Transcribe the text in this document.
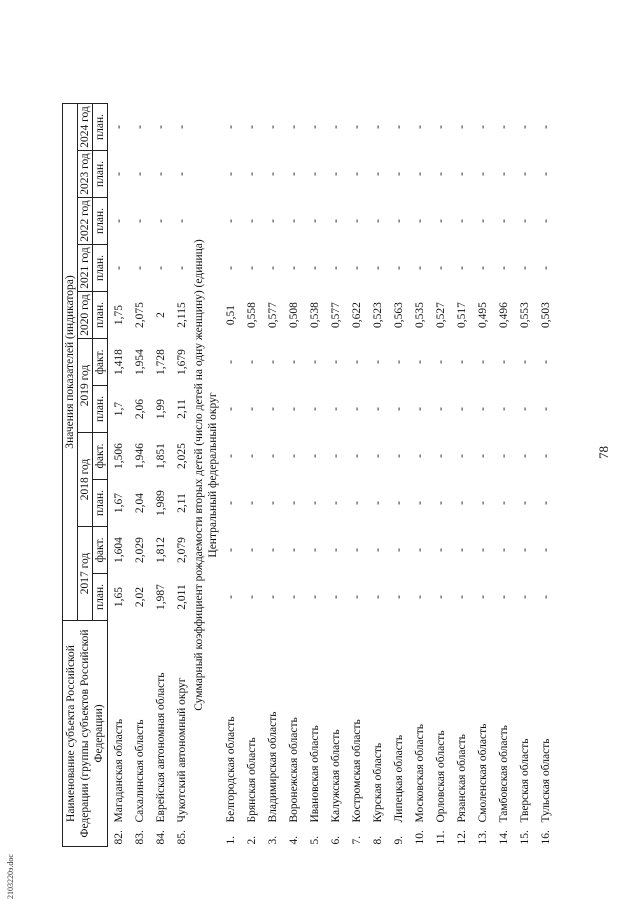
2103220э.doc
78
Наименование субъекта Российской Федерации (группы субъектов Российской Федерации)		Значения показателей (индикатора)										
		2017 год		2018 год		2019 год		2020 год	2021 год	2022 год	2023 год	2024 год
		план.	факт.	план.	факт.	план.	факт.	план.	план.	план.	план.	план.
82.	Магаданская область	1,65	1,604	1,67	1,506	1,7	1,418	1,75	-	-	-	-
83.	Сахалинская область	2,02	2,029	2,04	1,946	2,06	1,954	2,075	-	-	-	-
84.	Еврейская автономная область	1,987	1,812	1,989	1,851	1,99	1,728	2	-	-	-	-
85.	Чукотский автономный округ	2,011	2,079	2,11	2,025	2,11	1,679	2,115	-	-	-	-
Суммарный коэффициент рождаемости вторых детей (число детей на одну женщину) (единица)												
Центральный федеральный округ												
1.	Белгородская область	-	-	-	-	-	-	0,51	-	-	-	-
2.	Брянская область	-	-	-	-	-	-	0,558	-	-	-	-
3.	Владимирская область	-	-	-	-	-	-	0,577	-	-	-	-
4.	Воронежская область	-	-	-	-	-	-	0,508	-	-	-	-
5.	Ивановская область	-	-	-	-	-	-	0,538	-	-	-	-
6.	Калужская область	-	-	-	-	-	-	0,577	-	-	-	-
7.	Костромская область	-	-	-	-	-	-	0,622	-	-	-	-
8.	Курская область	-	-	-	-	-	-	0,523	-	-	-	-
9.	Липецкая область	-	-	-	-	-	-	0,563	-	-	-	-
10.	Московская область	-	-	-	-	-	-	0,535	-	-	-	-
11.	Орловская область	-	-	-	-	-	-	0,527	-	-	-	-
12.	Рязанская область	-	-	-	-	-	-	0,517	-	-	-	-
13.	Смоленская область	-	-	-	-	-	-	0,495	-	-	-	-
14.	Тамбовская область	-	-	-	-	-	-	0,496	-	-	-	-
15.	Тверская область	-	-	-	-	-	-	0,553	-	-	-	-
16.	Тульская область	-	-	-	-	-	-	0,503	-	-	-	-
